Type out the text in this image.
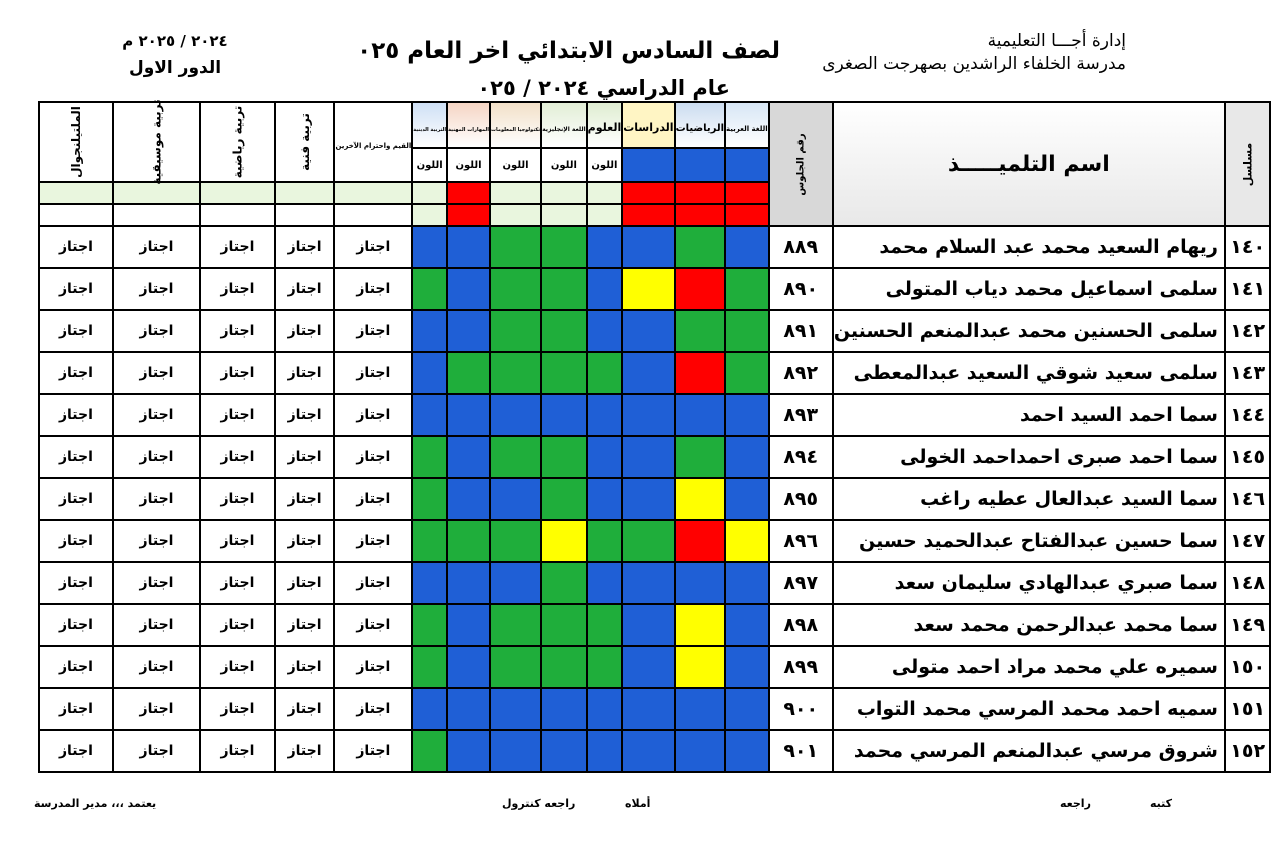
إدارة أجـــا التعليمية
مدرسة الخلفاء الراشدين بصهرجت الصغرى
لصف السادس الابتدائي اخر العام ٠٢٥
عام الدراسي ٢٠٢٤ / ٠٢٥
٢٠٢٤ / ٢٠٢٥ م
الدور الاول
الملتيلنجوال	تربية موسيقية	تربية رياضية	تربية فنية	القيم واحترام الآخرين	التربية الدينية	المهارات المهنية	تكنولوجيا المعلومات	اللغة الإنجليزية	العلوم	الدراسات	الرياضيات	اللغة العربية	رقم الجلوس	اسم التلميـــــذ	مسلسل

					اللون	اللون	اللون	اللون	اللون						

اجتاز	اجتاز	اجتاز	اجتاز	اجتاز									٨٨٩	ريهام السعيد محمد عبد السلام محمد	١٤٠
اجتاز	اجتاز	اجتاز	اجتاز	اجتاز									٨٩٠	سلمى اسماعيل محمد دياب المتولى	١٤١
اجتاز	اجتاز	اجتاز	اجتاز	اجتاز									٨٩١	سلمى الحسنين محمد عبدالمنعم الحسنين	١٤٢
اجتاز	اجتاز	اجتاز	اجتاز	اجتاز									٨٩٢	سلمى سعيد شوقي السعيد عبدالمعطى	١٤٣
اجتاز	اجتاز	اجتاز	اجتاز	اجتاز									٨٩٣	سما احمد السيد احمد	١٤٤
اجتاز	اجتاز	اجتاز	اجتاز	اجتاز									٨٩٤	سما احمد صبرى احمداحمد الخولى	١٤٥
اجتاز	اجتاز	اجتاز	اجتاز	اجتاز									٨٩٥	سما السيد عبدالعال عطيه راغب	١٤٦
اجتاز	اجتاز	اجتاز	اجتاز	اجتاز									٨٩٦	سما حسين عبدالفتاح عبدالحميد حسين	١٤٧
اجتاز	اجتاز	اجتاز	اجتاز	اجتاز									٨٩٧	سما صبري عبدالهادي سليمان سعد	١٤٨
اجتاز	اجتاز	اجتاز	اجتاز	اجتاز									٨٩٨	سما محمد عبدالرحمن محمد سعد	١٤٩
اجتاز	اجتاز	اجتاز	اجتاز	اجتاز									٨٩٩	سميره علي محمد مراد احمد متولى	١٥٠
اجتاز	اجتاز	اجتاز	اجتاز	اجتاز									٩٠٠	سميه احمد محمد المرسي محمد التواب	١٥١
اجتاز	اجتاز	اجتاز	اجتاز	اجتاز									٩٠١	شروق مرسي عبدالمنعم المرسي محمد	١٥٢
كتبه
راجعه
أملاه
راجعه كنترول
يعتمد ،،، مدير المدرسة
